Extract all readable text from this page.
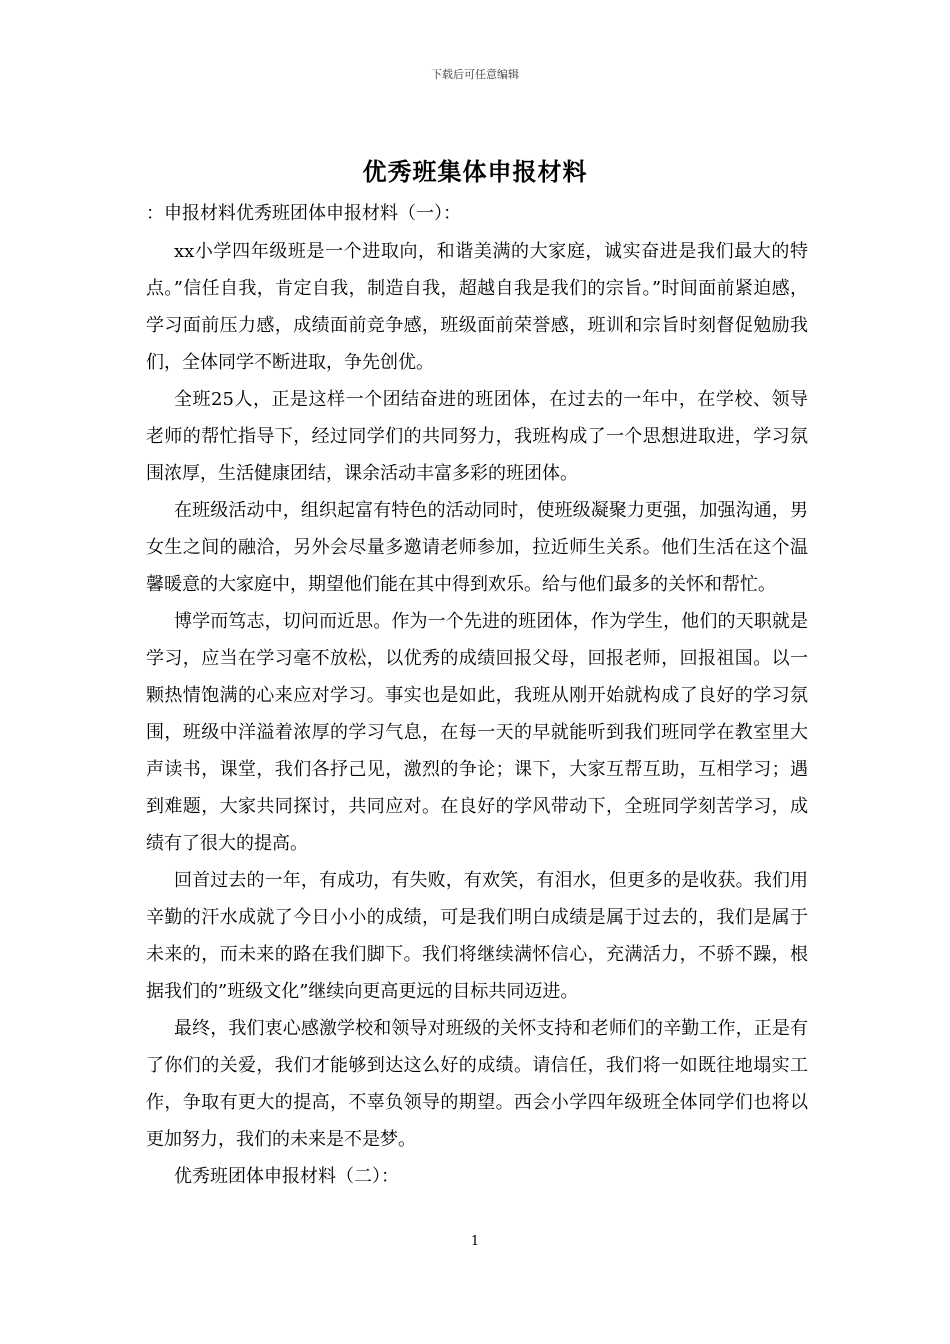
下载后可任意编辑
优秀班集体申报材料

：申报材料优秀班团体申报材料（一）：

xx小学四年级班是一个进取向，和谐美满的大家庭，诚实奋进是我们最大的特点。”信任自我，肯定自我，制造自我，超越自我是我们的宗旨。”时间面前紧迫感，学习面前压力感，成绩面前竞争感，班级面前荣誉感，班训和宗旨时刻督促勉励我们，全体同学不断进取，争先创优。

全班25人，正是这样一个团结奋进的班团体，在过去的一年中，在学校、领导老师的帮忙指导下，经过同学们的共同努力，我班构成了一个思想进取进，学习氛围浓厚，生活健康团结，课余活动丰富多彩的班团体。

在班级活动中，组织起富有特色的活动同时，使班级凝聚力更强，加强沟通，男女生之间的融洽，另外会尽量多邀请老师参加，拉近师生关系。他们生活在这个温馨暖意的大家庭中，期望他们能在其中得到欢乐。给与他们最多的关怀和帮忙。

博学而笃志，切问而近思。作为一个先进的班团体，作为学生，他们的天职就是学习，应当在学习毫不放松，以优秀的成绩回报父母，回报老师，回报祖国。以一颗热情饱满的心来应对学习。事实也是如此，我班从刚开始就构成了良好的学习氛围，班级中洋溢着浓厚的学习气息，在每一天的早就能听到我们班同学在教室里大声读书，课堂，我们各抒己见，激烈的争论；课下，大家互帮互助，互相学习；遇到难题，大家共同探讨，共同应对。在良好的学风带动下，全班同学刻苦学习，成绩有了很大的提高。

回首过去的一年，有成功，有失败，有欢笑，有泪水，但更多的是收获。我们用辛勤的汗水成就了今日小小的成绩，可是我们明白成绩是属于过去的，我们是属于未来的，而未来的路在我们脚下。我们将继续满怀信心，充满活力，不骄不躁，根据我们的”班级文化”继续向更高更远的目标共同迈进。

最终，我们衷心感激学校和领导对班级的关怀支持和老师们的辛勤工作，正是有了你们的关爱，我们才能够到达这么好的成绩。请信任，我们将一如既往地塌实工作，争取有更大的提高，不辜负领导的期望。西会小学四年级班全体同学们也将以更加努力，我们的未来是不是梦。

优秀班团体申报材料（二）：

1
